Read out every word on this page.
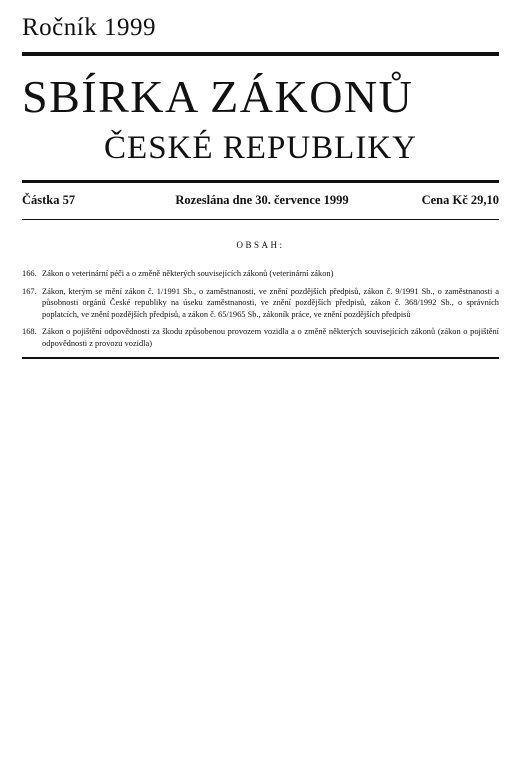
Ročník 1999
SBÍRKA ZÁKONŮ
ČESKÉ REPUBLIKY
Částka 57	Rozeslána dne 30. července 1999	Cena Kč 29,10
OBSAH:
166. Zákon o veterinární péči a o změně některých souvisejících zákonů (veterinární zákon)
167. Zákon, kterým se mění zákon č. 1/1991 Sb., o zaměstnanosti, ve znění pozdějších předpisů, zákon č. 9/1991 Sb., o zaměstnanosti a působnosti orgánů České republiky na úseku zaměstnanosti, ve znění pozdějších předpisů, zákon č. 368/1992 Sb., o správních poplatcích, ve znění pozdějších předpisů, a zákon č. 65/1965 Sb., zákoník práce, ve znění pozdějších předpisů
168. Zákon o pojištění odpovědnosti za škodu způsobenou provozem vozidla a o změně některých souvisejících zákonů (zákon o pojištění odpovědnosti z provozu vozidla)
